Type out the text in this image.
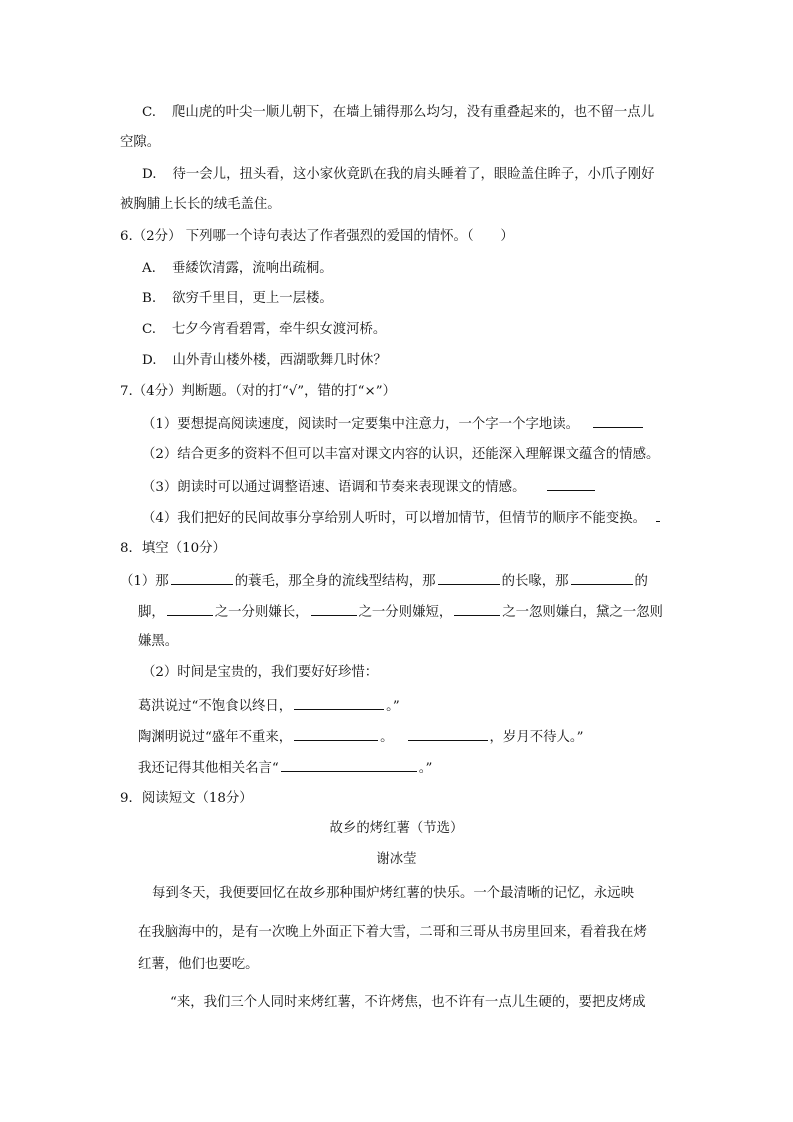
C. 爬山虎的叶尖一顺儿朝下，在墙上铺得那么均匀，没有重叠起来的，也不留一点儿
空隙。
D. 待一会儿，扭头看，这小家伙竟趴在我的肩头睡着了，眼睑盖住眸子，小爪子刚好
被胸脯上长长的绒毛盖住。
6.（2分） 下列哪一个诗句表达了作者强烈的爱国的情怀。（　　）
A. 垂緌饮清露，流响出疏桐。
B. 欲穷千里目，更上一层楼。
C. 七夕今宵看碧霄，牵牛织女渡河桥。
D. 山外青山楼外楼，西湖歌舞几时休？
7.（4分）判断题。（对的打“√”，错的打“×”）
（1）要想提高阅读速度，阅读时一定要集中注意力，一个字一个字地读。
（2）结合更多的资料不但可以丰富对课文内容的认识，还能深入理解课文蕴含的情感。
（3）朗读时可以通过调整语速、语调和节奏来表现课文的情感。
（4）我们把好的民间故事分享给别人听时，可以增加情节，但情节的顺序不能变换。
8．填空（10分）
（1）那	的蓑毛，那全身的流线型结构，那	的长喙，那	的
脚，	之一分则嫌长，	之一分则嫌短，	之一忽则嫌白，黛之一忽则
嫌黑。
（2）时间是宝贵的，我们要好好珍惜：
葛洪说过“不饱食以终日，	。”
陶渊明说过“盛年不重来，	。	，岁月不待人。”
我还记得其他相关名言“	。”
9．阅读短文（18分）
故乡的烤红薯（节选）
谢冰莹
每到冬天，我便要回忆在故乡那种围炉烤红薯的快乐。一个最清晰的记忆，永远映
在我脑海中的，是有一次晚上外面正下着大雪，二哥和三哥从书房里回来，看着我在烤
红薯，他们也要吃。
“来，我们三个人同时来烤红薯，不许烤焦，也不许有一点儿生硬的，要把皮烤成
